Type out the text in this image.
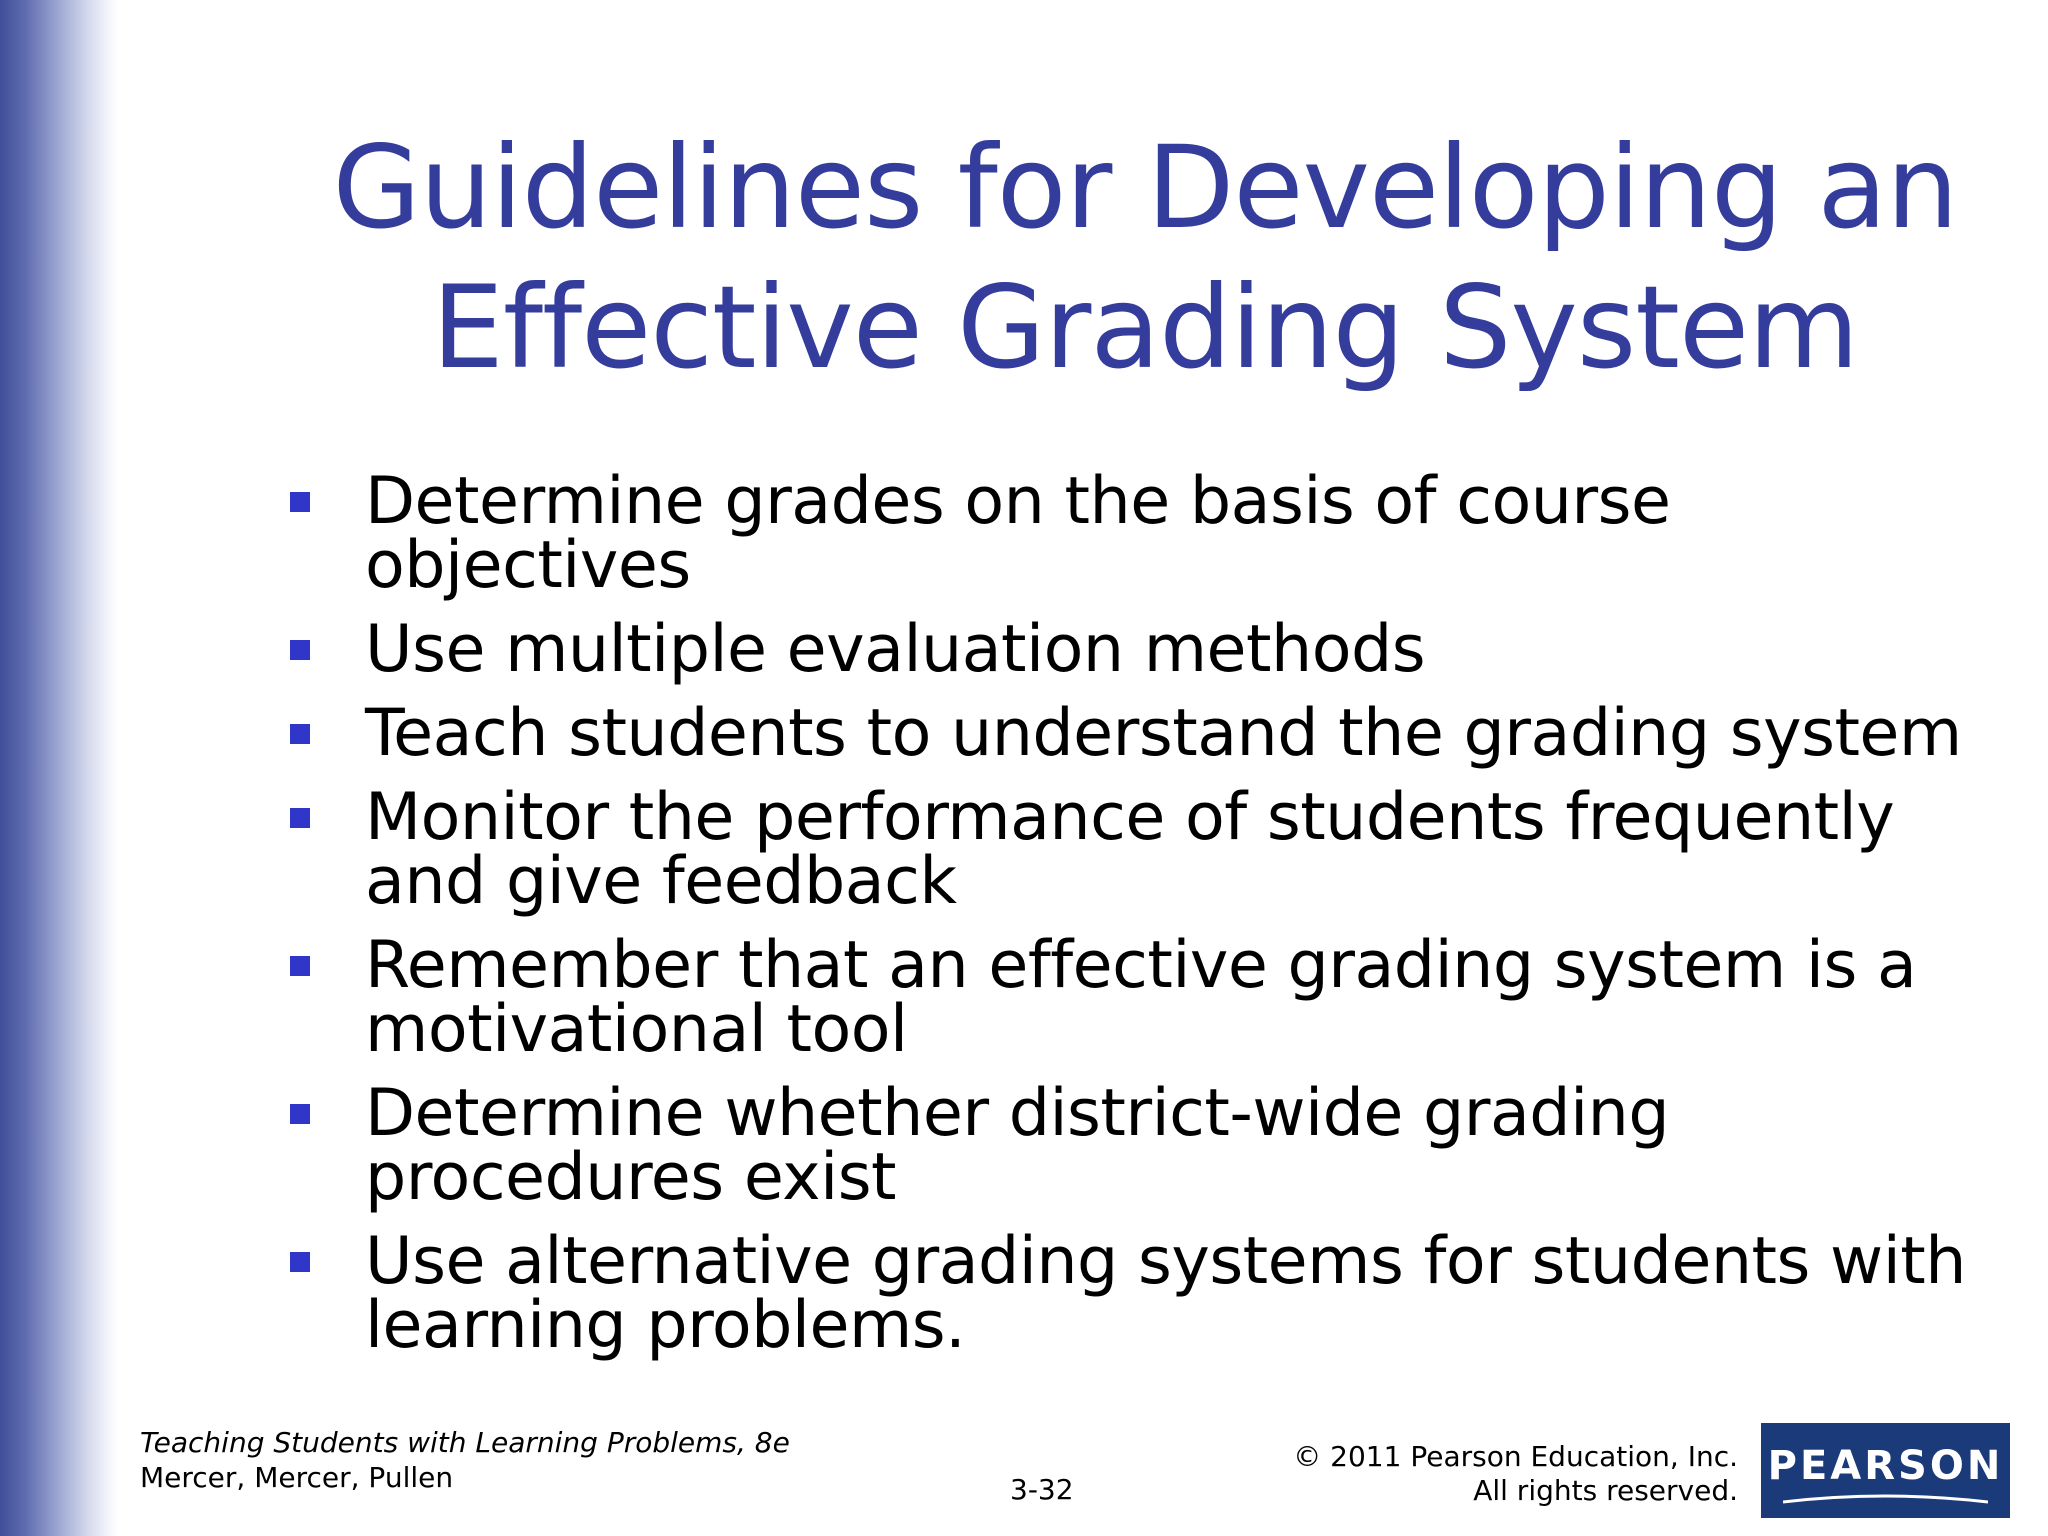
Guidelines for Developing an
Effective Grading System
Determine grades on the basis of course objectives
Use multiple evaluation methods
Teach students to understand the grading system
Monitor the performance of students frequently and give feedback
Remember that an effective grading system is a motivational tool
Determine whether district-wide grading procedures exist
Use alternative grading systems for students with learning problems.
Teaching Students with Learning Problems, 8e
Mercer, Mercer, Pullen	3-32
© 2011 Pearson Education, Inc.
All rights reserved.
PEARSON
